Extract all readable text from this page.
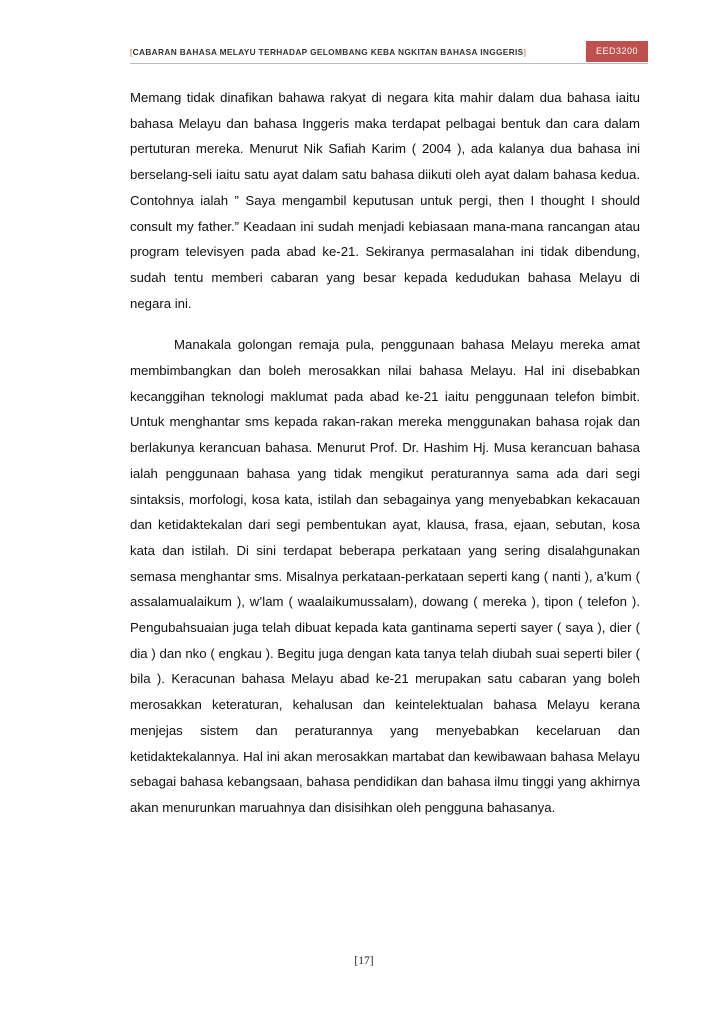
[CABARAN BAHASA MELAYU TERHADAP GELOMBANG KEBA NGKITAN BAHASA INGGERIS]	EED3200

Memang tidak dinafikan bahawa rakyat di negara kita mahir dalam dua bahasa iaitu bahasa Melayu dan bahasa Inggeris maka terdapat pelbagai bentuk dan cara dalam pertuturan mereka. Menurut Nik Safiah Karim ( 2004 ), ada kalanya dua bahasa ini berselang-seli iaitu satu ayat dalam satu bahasa diikuti oleh ayat dalam bahasa kedua. Contohnya ialah ” Saya mengambil keputusan untuk pergi, then I thought I should consult my father.” Keadaan ini sudah menjadi kebiasaan mana-mana rancangan atau program televisyen pada abad ke-21. Sekiranya permasalahan ini tidak dibendung, sudah tentu memberi cabaran yang besar kepada kedudukan bahasa Melayu di negara ini.

Manakala golongan remaja pula, penggunaan bahasa Melayu mereka amat membimbangkan dan boleh merosakkan nilai bahasa Melayu. Hal ini disebabkan kecanggihan teknologi maklumat pada abad ke-21 iaitu penggunaan telefon bimbit. Untuk menghantar sms kepada rakan-rakan mereka menggunakan bahasa rojak dan berlakunya kerancuan bahasa. Menurut Prof. Dr. Hashim Hj. Musa kerancuan bahasa ialah penggunaan bahasa yang tidak mengikut peraturannya sama ada dari segi sintaksis, morfologi, kosa kata, istilah dan sebagainya yang menyebabkan kekacauan dan ketidaktekalan dari segi pembentukan ayat, klausa, frasa, ejaan, sebutan, kosa kata dan istilah. Di sini terdapat beberapa perkataan yang sering disalahgunakan semasa menghantar sms. Misalnya perkataan-perkataan seperti kang ( nanti ), a’kum ( assalamualaikum ), w’lam ( waalaikumussalam), dowang ( mereka ), tipon ( telefon ). Pengubahsuaian juga telah dibuat kepada kata gantinama seperti sayer ( saya ), dier ( dia ) dan nko ( engkau ). Begitu juga dengan kata tanya telah diubah suai seperti biler ( bila ). Keracunan bahasa Melayu abad ke-21 merupakan satu cabaran yang boleh merosakkan keteraturan, kehalusan dan keintelektualan bahasa Melayu kerana menjejas sistem dan peraturannya yang menyebabkan kecelaruan dan ketidaktekalannya. Hal ini akan merosakkan martabat dan kewibawaan bahasa Melayu sebagai bahasa kebangsaan, bahasa pendidikan dan bahasa ilmu tinggi yang akhirnya akan menurunkan maruahnya dan disisihkan oleh pengguna bahasanya.

[17]
